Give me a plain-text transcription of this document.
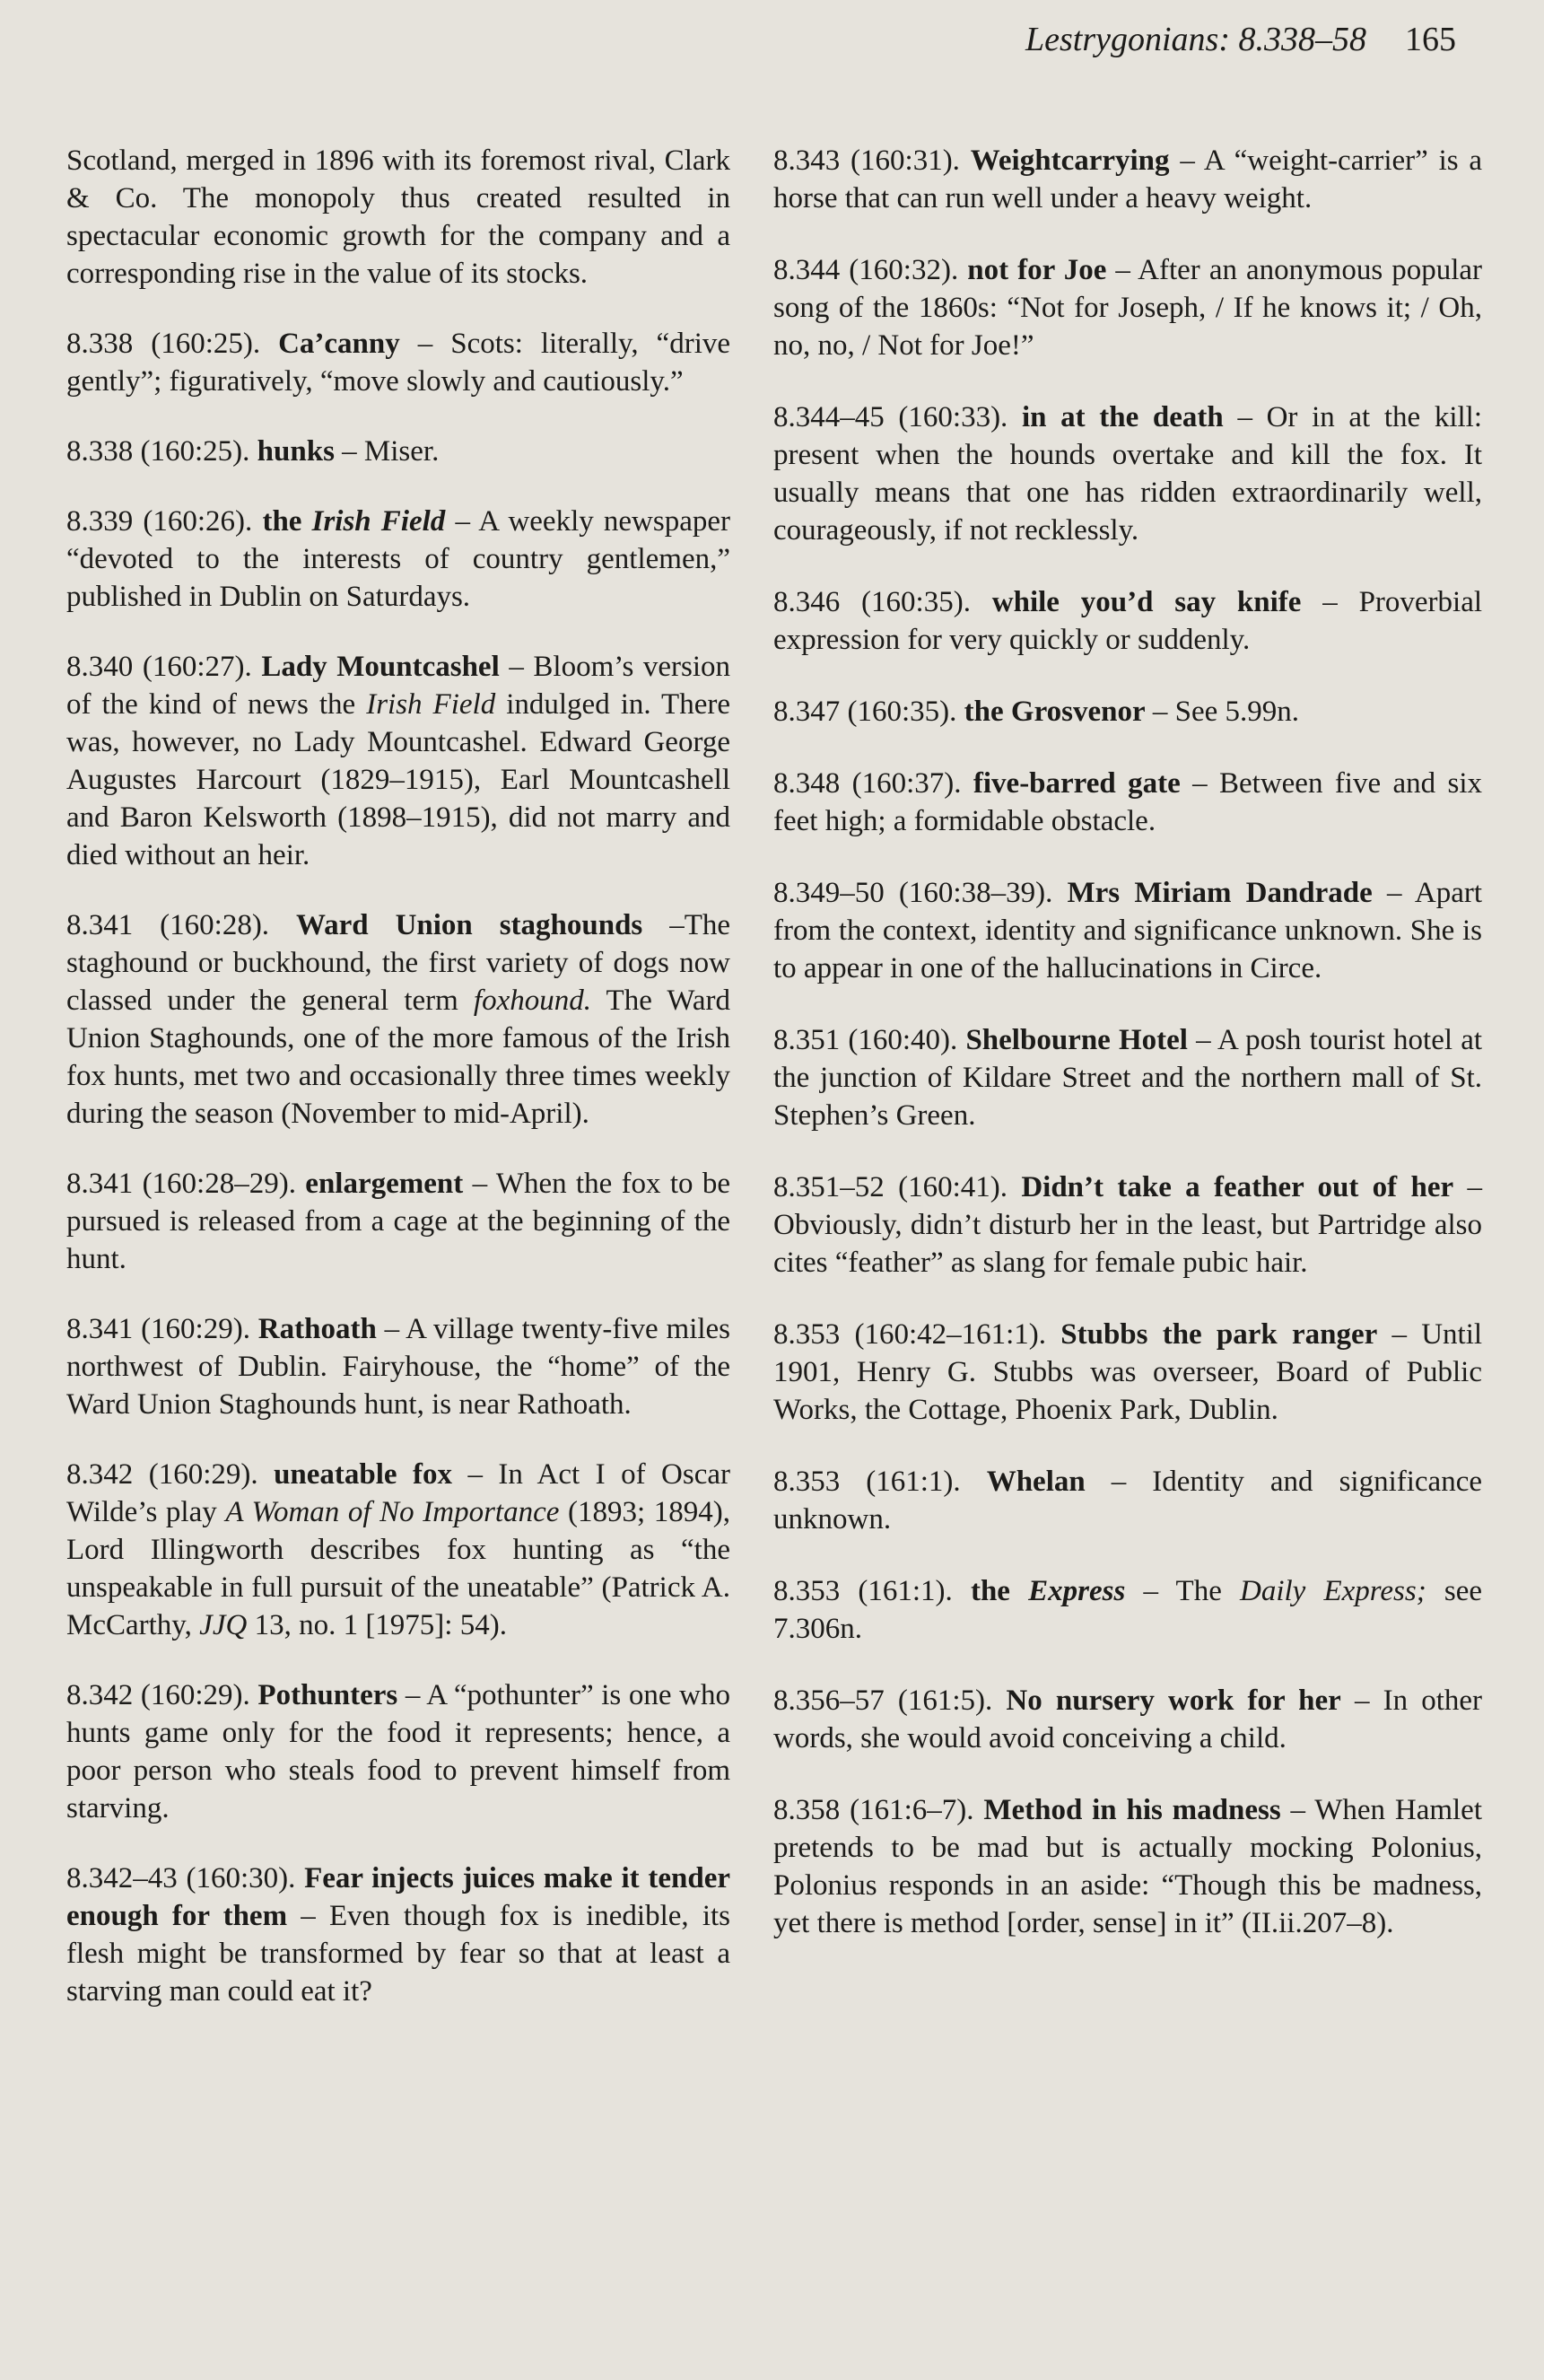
Lestrygonians: 8.338–58 165

Scotland, merged in 1896 with its foremost rival, Clark & Co. The monopoly thus created resulted in spectacular economic growth for the company and a corresponding rise in the value of its stocks.

8.338 (160:25). Ca’canny – Scots: literally, “drive gently”; figuratively, “move slowly and cautiously.”

8.338 (160:25). hunks – Miser.

8.339 (160:26). the Irish Field – A weekly newspaper “devoted to the interests of country gentlemen,” published in Dublin on Saturdays.

8.340 (160:27). Lady Mountcashel – Bloom’s version of the kind of news the Irish Field indulged in. There was, however, no Lady Mountcashel. Edward George Augustes Harcourt (1829–1915), Earl Mountcashell and Baron Kelsworth (1898–1915), did not marry and died without an heir.

8.341 (160:28). Ward Union staghounds –The staghound or buckhound, the first variety of dogs now classed under the general term foxhound. The Ward Union Staghounds, one of the more famous of the Irish fox hunts, met two and occasionally three times weekly during the season (November to mid-April).

8.341 (160:28–29). enlargement – When the fox to be pursued is released from a cage at the beginning of the hunt.

8.341 (160:29). Rathoath – A village twenty-five miles northwest of Dublin. Fairyhouse, the “home” of the Ward Union Staghounds hunt, is near Rathoath.

8.342 (160:29). uneatable fox – In Act I of Oscar Wilde’s play A Woman of No Importance (1893; 1894), Lord Illingworth describes fox hunting as “the unspeakable in full pursuit of the uneatable” (Patrick A. McCarthy, JJQ 13, no. 1 [1975]: 54).

8.342 (160:29). Pothunters – A “pothunter” is one who hunts game only for the food it represents; hence, a poor person who steals food to prevent himself from starving.

8.342–43 (160:30). Fear injects juices make it tender enough for them – Even though fox is inedible, its flesh might be transformed by fear so that at least a starving man could eat it?

8.343 (160:31). Weightcarrying – A “weight-carrier” is a horse that can run well under a heavy weight.

8.344 (160:32). not for Joe – After an anonymous popular song of the 1860s: “Not for Joseph, / If he knows it; / Oh, no, no, / Not for Joe!”

8.344–45 (160:33). in at the death – Or in at the kill: present when the hounds overtake and kill the fox. It usually means that one has ridden extraordinarily well, courageously, if not recklessly.

8.346 (160:35). while you’d say knife – Proverbial expression for very quickly or suddenly.

8.347 (160:35). the Grosvenor – See 5.99n.

8.348 (160:37). five-barred gate – Between five and six feet high; a formidable obstacle.

8.349–50 (160:38–39). Mrs Miriam Dandrade – Apart from the context, identity and significance unknown. She is to appear in one of the hallucinations in Circe.

8.351 (160:40). Shelbourne Hotel – A posh tourist hotel at the junction of Kildare Street and the northern mall of St. Stephen’s Green.

8.351–52 (160:41). Didn’t take a feather out of her – Obviously, didn’t disturb her in the least, but Partridge also cites “feather” as slang for female pubic hair.

8.353 (160:42–161:1). Stubbs the park ranger – Until 1901, Henry G. Stubbs was overseer, Board of Public Works, the Cottage, Phoenix Park, Dublin.

8.353 (161:1). Whelan – Identity and significance unknown.

8.353 (161:1). the Express – The Daily Express; see 7.306n.

8.356–57 (161:5). No nursery work for her – In other words, she would avoid conceiving a child.

8.358 (161:6–7). Method in his madness – When Hamlet pretends to be mad but is actually mocking Polonius, Polonius responds in an aside: “Though this be madness, yet there is method [order, sense] in it” (II.ii.207–8).
